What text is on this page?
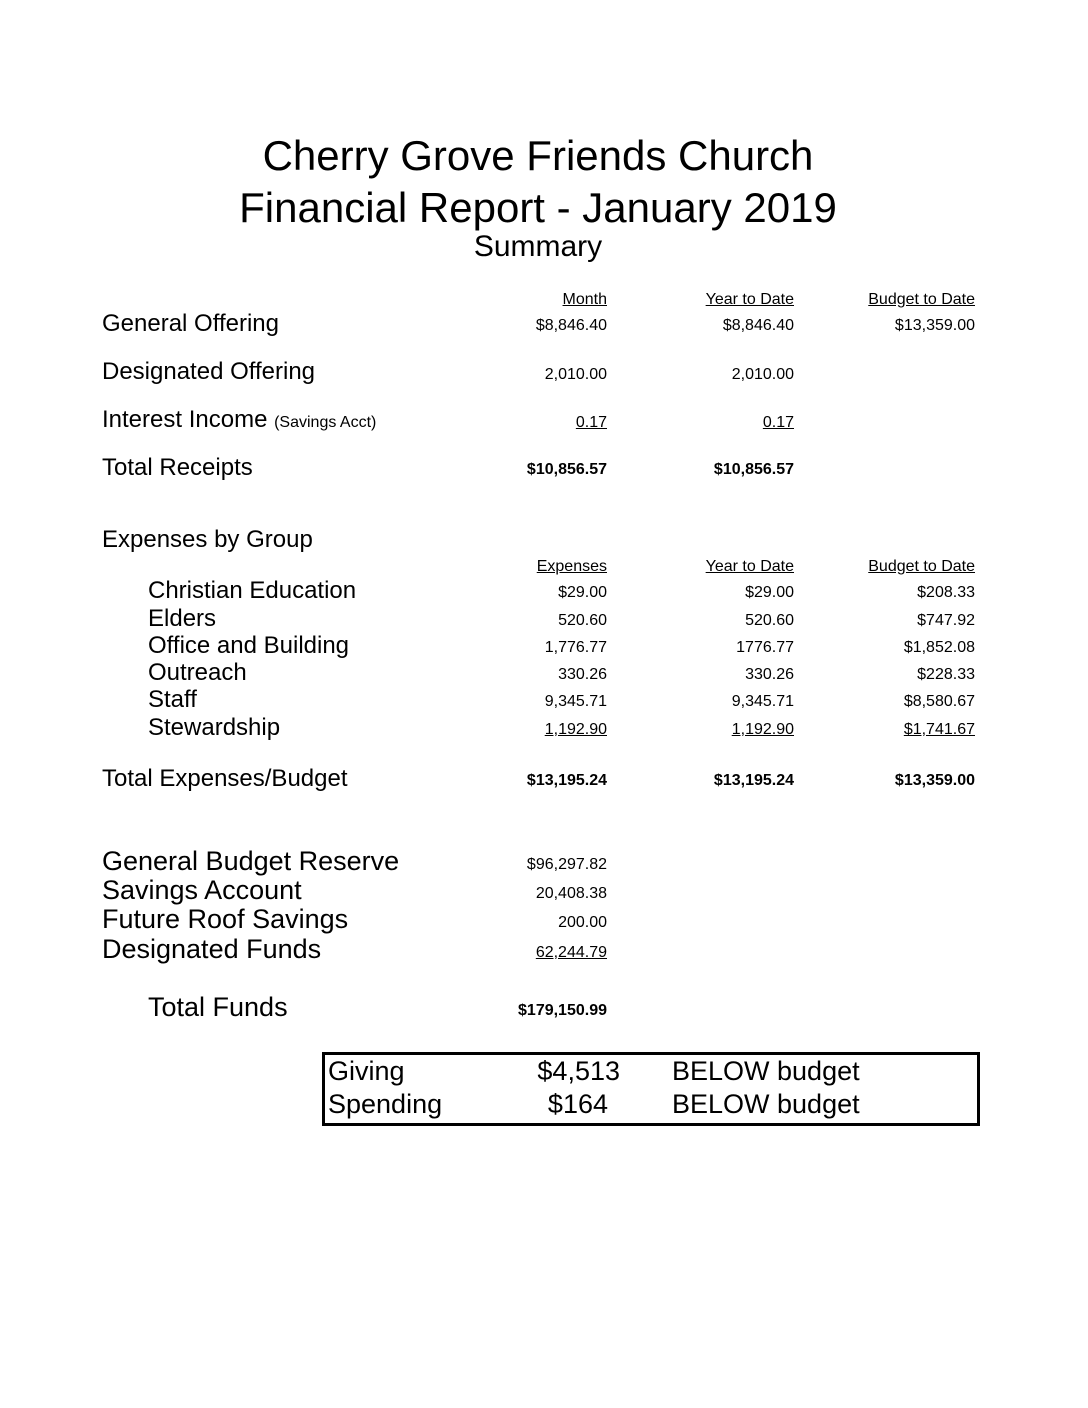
Cherry Grove Friends Church
Financial Report - January 2019
Summary
Month	Year to Date	Budget to Date
General Offering	$8,846.40	$8,846.40	$13,359.00
Designated Offering	2,010.00	2,010.00
Interest Income (Savings Acct)	0.17	0.17
Total Receipts	$10,856.57	$10,856.57
Expenses by Group
Expenses	Year to Date	Budget to Date
Christian Education	$29.00	$29.00	$208.33
Elders	520.60	520.60	$747.92
Office and Building	1,776.77	1776.77	$1,852.08
Outreach	330.26	330.26	$228.33
Staff	9,345.71	9,345.71	$8,580.67
Stewardship	1,192.90	1,192.90	$1,741.67
Total Expenses/Budget	$13,195.24	$13,195.24	$13,359.00
General Budget Reserve	$96,297.82
Savings Account	20,408.38
Future Roof Savings	200.00
Designated Funds	62,244.79
Total Funds	$179,150.99
Giving	$4,513 BELOW budget
Spending	$164 BELOW budget
